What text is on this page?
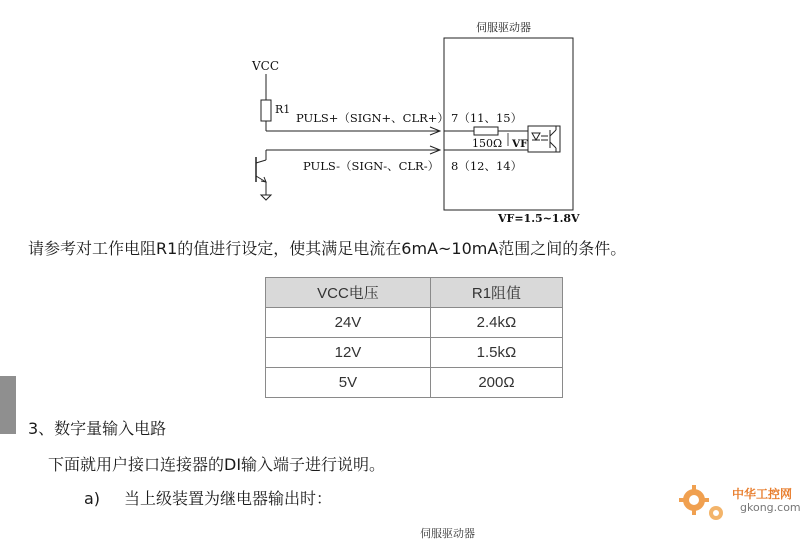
伺服驱动器
VCC
R1
PULS+（SIGN+、CLR+） 7（11、15）
150Ω VF
PULS-（SIGN-、CLR-） 8（12、14）
VF=1.5~1.8V
请参考对工作电阻R1的值进行设定，使其满足电流在6mA~10mA范围之间的条件。
VCC电压	R1阻值
24V	2.4kΩ
12V	1.5kΩ
5V	200Ω
3、数字量输入电路
下面就用户接口连接器的DI输入端子进行说明。
a) 当上级装置为继电器输出时：
伺服驱动器
中华工控网
gkong.com
